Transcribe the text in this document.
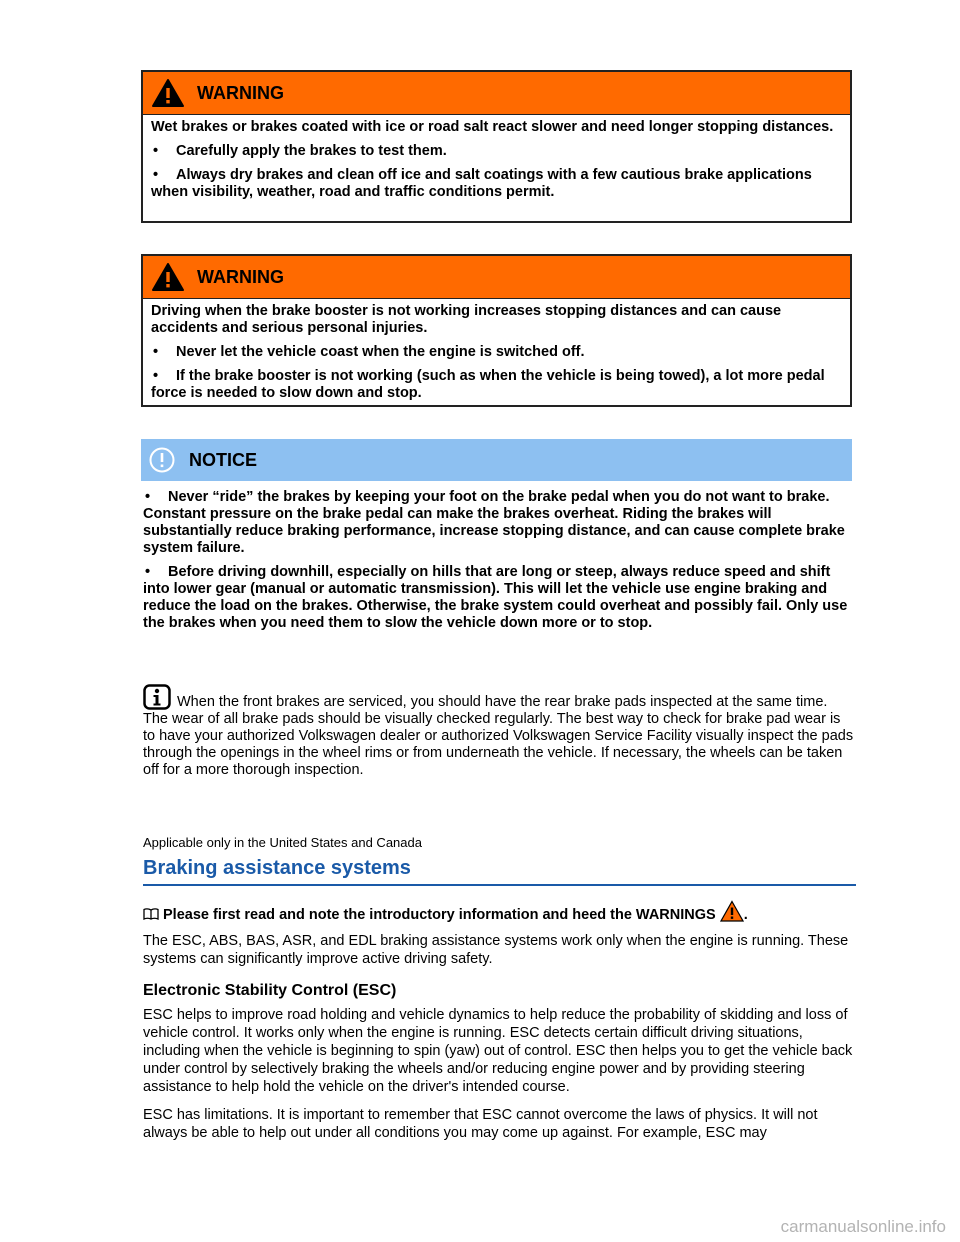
WARNING

Wet brakes or brakes coated with ice or road salt react slower and need longer stopping distances.

• Carefully apply the brakes to test them.

• Always dry brakes and clean off ice and salt coatings with a few cautious brake applications when visibility, weather, road and traffic conditions permit.

WARNING

Driving when the brake booster is not working increases stopping distances and can cause accidents and serious personal injuries.

• Never let the vehicle coast when the engine is switched off.

• If the brake booster is not working (such as when the vehicle is being towed), a lot more pedal force is needed to slow down and stop.

NOTICE

• Never “ride” the brakes by keeping your foot on the brake pedal when you do not want to brake. Constant pressure on the brake pedal can make the brakes overheat. Riding the brakes will substantially reduce braking performance, increase stopping distance, and can cause complete brake system failure.

• Before driving downhill, especially on hills that are long or steep, always reduce speed and shift into lower gear (manual or automatic transmission). This will let the vehicle use engine braking and reduce the load on the brakes. Otherwise, the brake system could overheat and possibly fail. Only use the brakes when you need them to slow the vehicle down more or to stop.

When the front brakes are serviced, you should have the rear brake pads inspected at the same time. The wear of all brake pads should be visually checked regularly. The best way to check for brake pad wear is to have your authorized Volkswagen dealer or authorized Volkswagen Service Facility visually inspect the pads through the openings in the wheel rims or from underneath the vehicle. If necessary, the wheels can be taken off for a more thorough inspection.
Applicable only in the United States and Canada
Braking assistance systems
Please first read and note the introductory information and heed the WARNINGS .

The ESC, ABS, BAS, ASR, and EDL braking assistance systems work only when the engine is running. These systems can significantly improve active driving safety.

Electronic Stability Control (ESC)

ESC helps to improve road holding and vehicle dynamics to help reduce the probability of skidding and loss of vehicle control. It works only when the engine is running. ESC detects certain difficult driving situations, including when the vehicle is beginning to spin (yaw) out of control. ESC then helps you to get the vehicle back under control by selectively braking the wheels and/or reducing engine power and by providing steering assistance to help hold the vehicle on the driver's intended course.

ESC has limitations. It is important to remember that ESC cannot overcome the laws of physics. It will not always be able to help out under all conditions you may come up against. For example, ESC may

carmanualsonline.info
